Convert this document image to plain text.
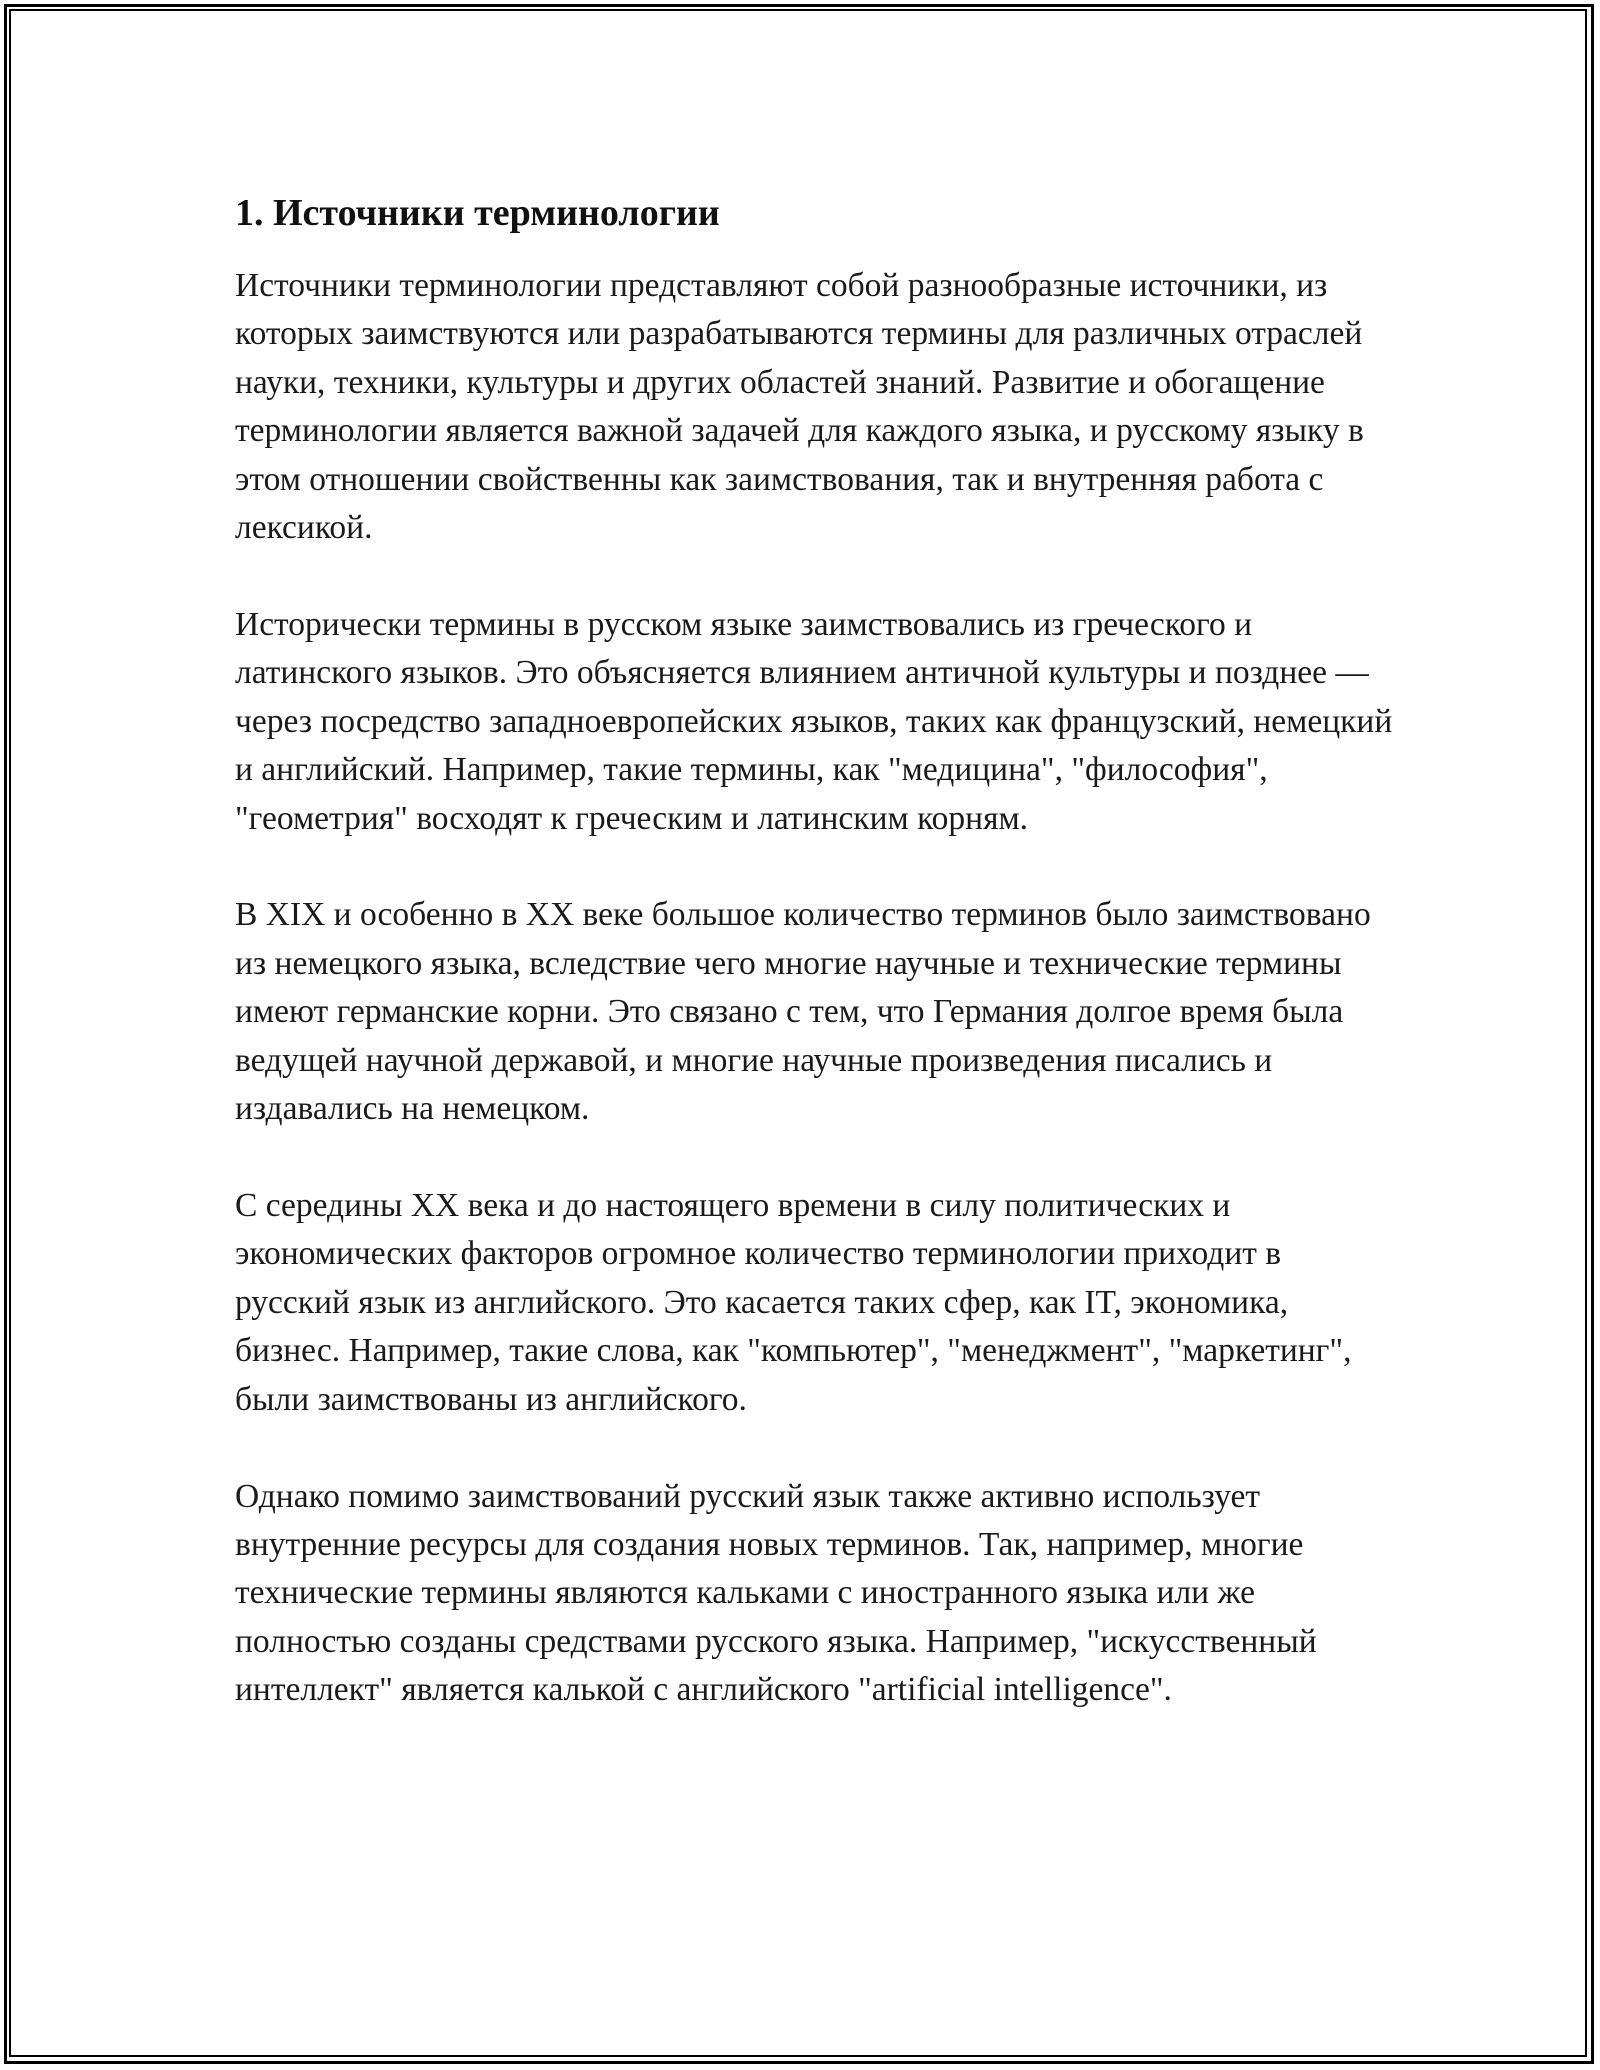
1. Источники терминологии

Источники терминологии представляют собой разнообразные источники, из которых заимствуются или разрабатываются термины для различных отраслей науки, техники, культуры и других областей знаний. Развитие и обогащение терминологии является важной задачей для каждого языка, и русскому языку в этом отношении свойственны как заимствования, так и внутренняя работа с лексикой.

Исторически термины в русском языке заимствовались из греческого и латинского языков. Это объясняется влиянием античной культуры и позднее — через посредство западноевропейских языков, таких как французский, немецкий и английский. Например, такие термины, как "медицина", "философия", "геометрия" восходят к греческим и латинским корням.

В XIX и особенно в XX веке большое количество терминов было заимствовано из немецкого языка, вследствие чего многие научные и технические термины имеют германские корни. Это связано с тем, что Германия долгое время была ведущей научной державой, и многие научные произведения писались и издавались на немецком.

С середины XX века и до настоящего времени в силу политических и экономических факторов огромное количество терминологии приходит в русский язык из английского. Это касается таких сфер, как IT, экономика, бизнес. Например, такие слова, как "компьютер", "менеджмент", "маркетинг", были заимствованы из английского.

Однако помимо заимствований русский язык также активно использует внутренние ресурсы для создания новых терминов. Так, например, многие технические термины являются кальками с иностранного языка или же полностью созданы средствами русского языка. Например, "искусственный интеллект" является калькой с английского "artificial intelligence".
